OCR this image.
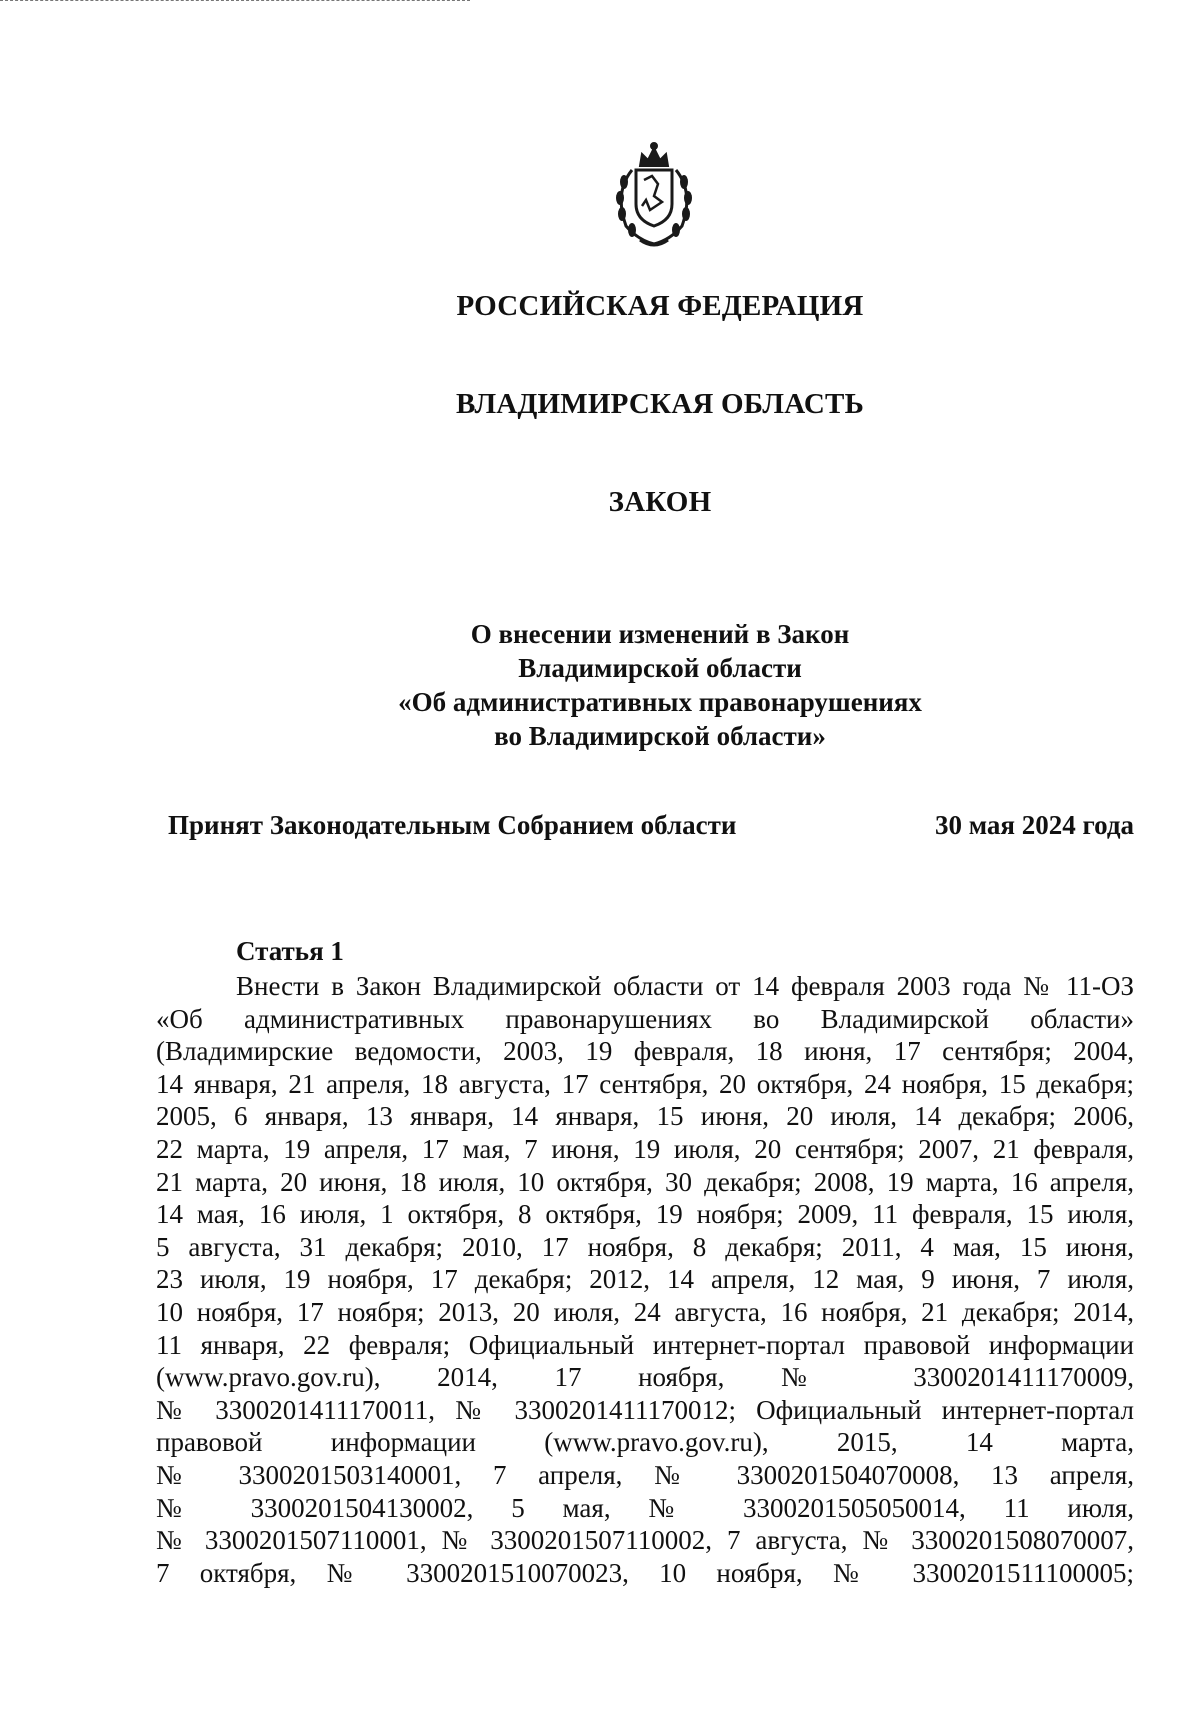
РОССИЙСКАЯ ФЕДЕРАЦИЯ
ВЛАДИМИРСКАЯ ОБЛАСТЬ
ЗАКОН
О внесении изменений в Закон
Владимирской области
«Об административных правонарушениях
во Владимирской области»
Принят Законодательным Собранием области	30 мая 2024 года
Статья 1
Внести в Закон Владимирской области от 14 февраля 2003 года № 11-ОЗ
«Об административных правонарушениях во Владимирской области»
(Владимирские ведомости, 2003, 19 февраля, 18 июня, 17 сентября; 2004,
14 января, 21 апреля, 18 августа, 17 сентября, 20 октября, 24 ноября, 15 декабря;
2005, 6 января, 13 января, 14 января, 15 июня, 20 июля, 14 декабря; 2006,
22 марта, 19 апреля, 17 мая, 7 июня, 19 июля, 20 сентября; 2007, 21 февраля,
21 марта, 20 июня, 18 июля, 10 октября, 30 декабря; 2008, 19 марта, 16 апреля,
14 мая, 16 июля, 1 октября, 8 октября, 19 ноября; 2009, 11 февраля, 15 июля,
5 августа, 31 декабря; 2010, 17 ноября, 8 декабря; 2011, 4 мая, 15 июня,
23 июля, 19 ноября, 17 декабря; 2012, 14 апреля, 12 мая, 9 июня, 7 июля,
10 ноября, 17 ноября; 2013, 20 июля, 24 августа, 16 ноября, 21 декабря; 2014,
11 января, 22 февраля; Официальный интернет-портал правовой информации
(www.pravo.gov.ru), 2014, 17 ноября, № 3300201411170009,
№ 3300201411170011, № 3300201411170012; Официальный интернет-портал
правовой информации (www.pravo.gov.ru), 2015, 14 марта,
№ 3300201503140001, 7 апреля, № 3300201504070008, 13 апреля,
№ 3300201504130002, 5 мая, № 3300201505050014, 11 июля,
№ 3300201507110001, № 3300201507110002, 7 августа, № 3300201508070007,
7 октября, № 3300201510070023, 10 ноября, № 3300201511100005;
